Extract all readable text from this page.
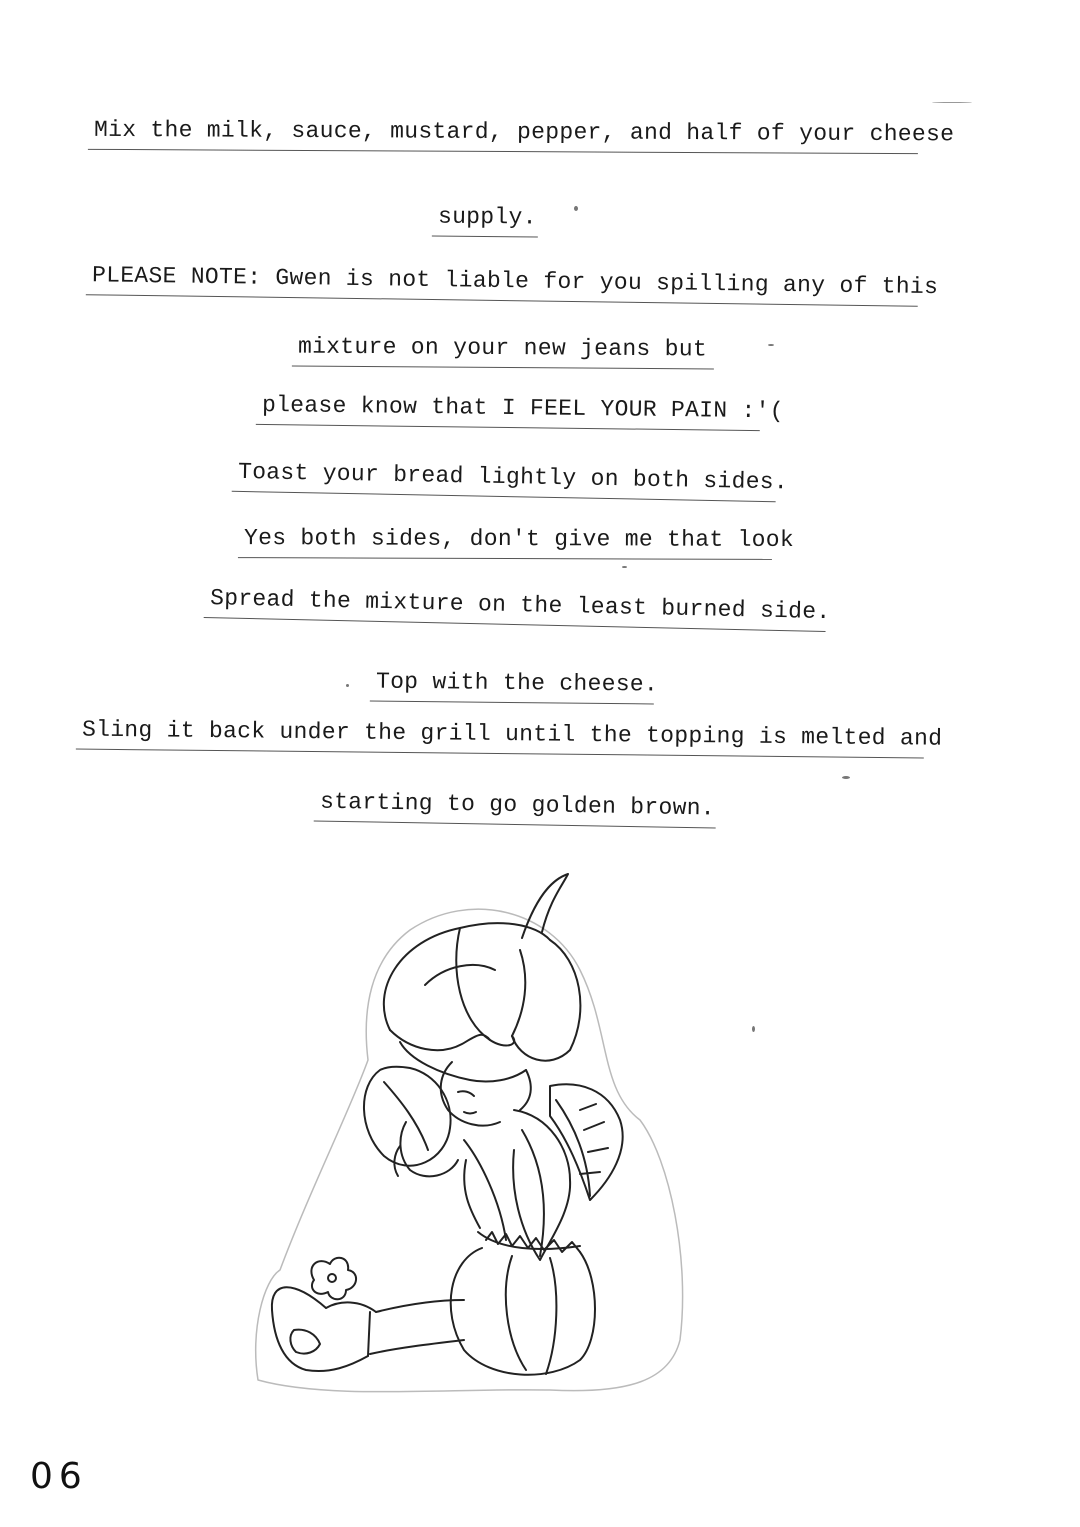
Mix the milk, sauce, mustard, pepper, and half of your cheese
supply.
PLEASE NOTE: Gwen is not liable for you spilling any of this
mixture on your new jeans but
please know that I FEEL YOUR PAIN :'(
Toast your bread lightly on both sides.
Yes both sides, don't give me that look
Spread the mixture on the least burned side.
Top with the cheese.
Sling it back under the grill until the topping is melted and
starting to go golden brown.
06
